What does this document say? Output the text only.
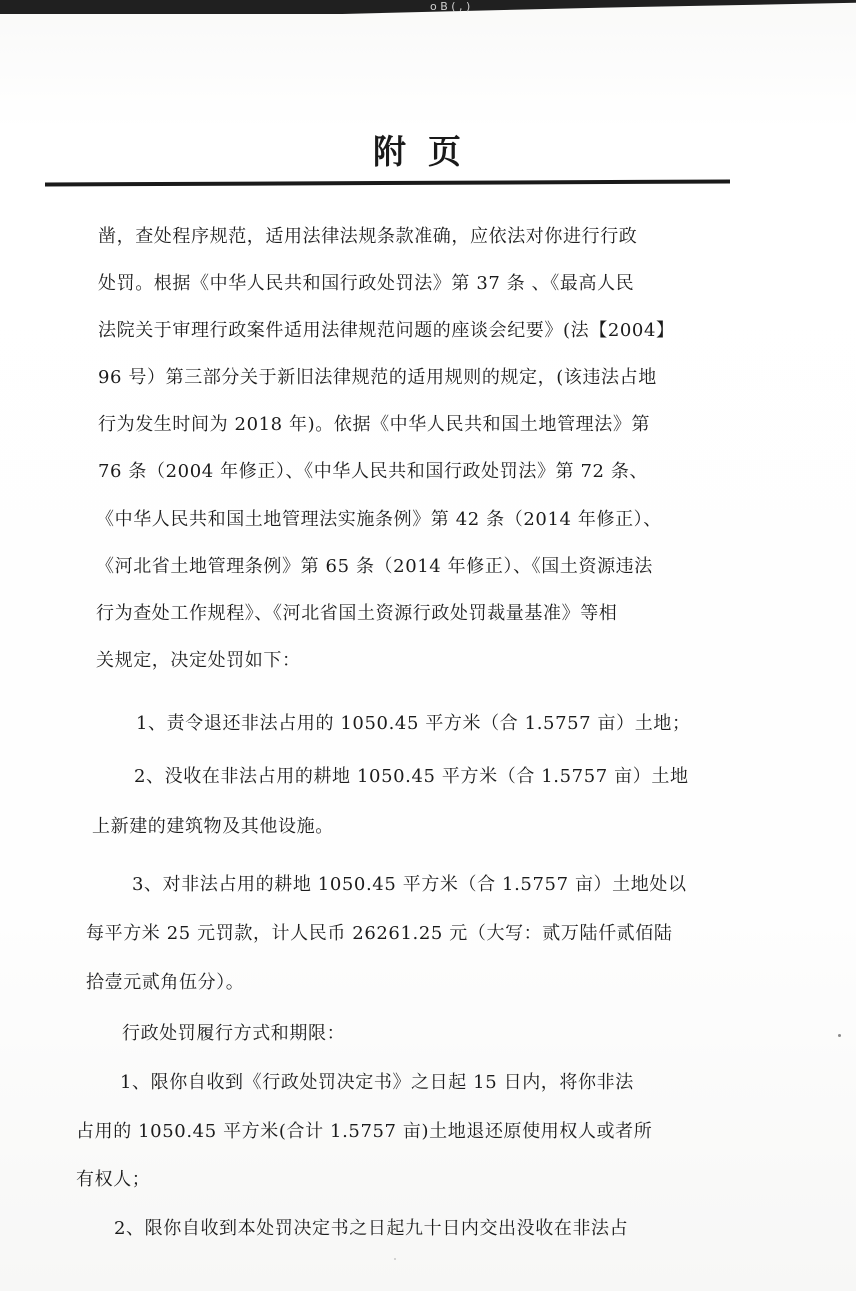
o B ( , )
附页
凿，查处程序规范，适用法律法规条款准确，应依法对你进行行政
处罚。根据《中华人民共和国行政处罚法》第 37 条 、《最高人民
法院关于审理行政案件适用法律规范问题的座谈会纪要》(法【2004】
96 号）第三部分关于新旧法律规范的适用规则的规定，(该违法占地
行为发生时间为 2018 年)。依据《中华人民共和国土地管理法》第
76 条（2004 年修正）、《中华人民共和国行政处罚法》第 72 条、
《中华人民共和国土地管理法实施条例》第 42 条（2014 年修正）、
《河北省土地管理条例》第 65 条（2014 年修正）、《国土资源违法
行为查处工作规程》、《河北省国土资源行政处罚裁量基准》等相
关规定，决定处罚如下：
1、责令退还非法占用的 1050.45 平方米（合 1.5757 亩）土地；
2、没收在非法占用的耕地 1050.45 平方米（合 1.5757 亩）土地
上新建的建筑物及其他设施。
3、对非法占用的耕地 1050.45 平方米（合 1.5757 亩）土地处以
每平方米 25 元罚款，计人民币 26261.25 元（大写：贰万陆仟贰佰陆
拾壹元贰角伍分）。
行政处罚履行方式和期限：
1、限你自收到《行政处罚决定书》之日起 15 日内，将你非法
占用的 1050.45 平方米(合计 1.5757 亩)土地退还原使用权人或者所
有权人；
2、限你自收到本处罚决定书之日起九十日内交出没收在非法占
